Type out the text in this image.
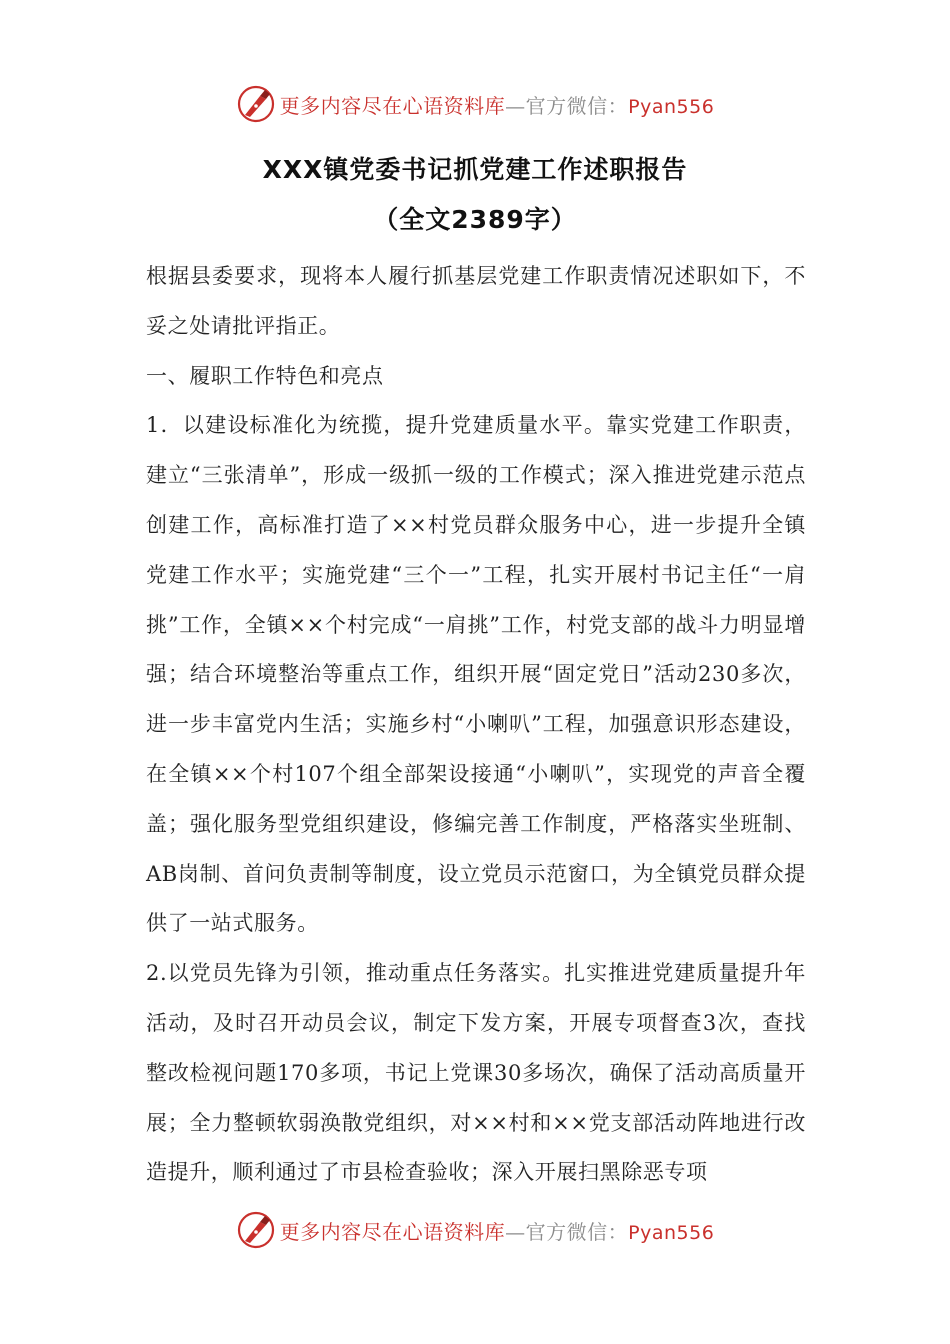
更多内容尽在心语资料库—官方微信：Pyan556
XXX镇党委书记抓党建工作述职报告
（全文2389字）

根据县委要求，现将本人履行抓基层党建工作职责情况述职如下，不妥之处请批评指正。

一、履职工作特色和亮点

1．以建设标准化为统揽，提升党建质量水平。靠实党建工作职责，建立“三张清单”，形成一级抓一级的工作模式；深入推进党建示范点创建工作，高标准打造了××村党员群众服务中心，进一步提升全镇党建工作水平；实施党建“三个一”工程，扎实开展村书记主任“一肩挑”工作，全镇××个村完成“一肩挑”工作，村党支部的战斗力明显增强；结合环境整治等重点工作，组织开展“固定党日”活动230多次，进一步丰富党内生活；实施乡村“小喇叭”工程，加强意识形态建设，在全镇××个村107个组全部架设接通“小喇叭”，实现党的声音全覆盖；强化服务型党组织建设，修编完善工作制度，严格落实坐班制、AB岗制、首问负责制等制度，设立党员示范窗口，为全镇党员群众提供了一站式服务。

2.以党员先锋为引领，推动重点任务落实。扎实推进党建质量提升年活动，及时召开动员会议，制定下发方案，开展专项督查3次，查找整改检视问题170多项，书记上党课30多场次，确保了活动高质量开展；全力整顿软弱涣散党组织，对××村和××党支部活动阵地进行改造提升，顺利通过了市县检查验收；深入开展扫黑除恶专项

更多内容尽在心语资料库—官方微信：Pyan556
